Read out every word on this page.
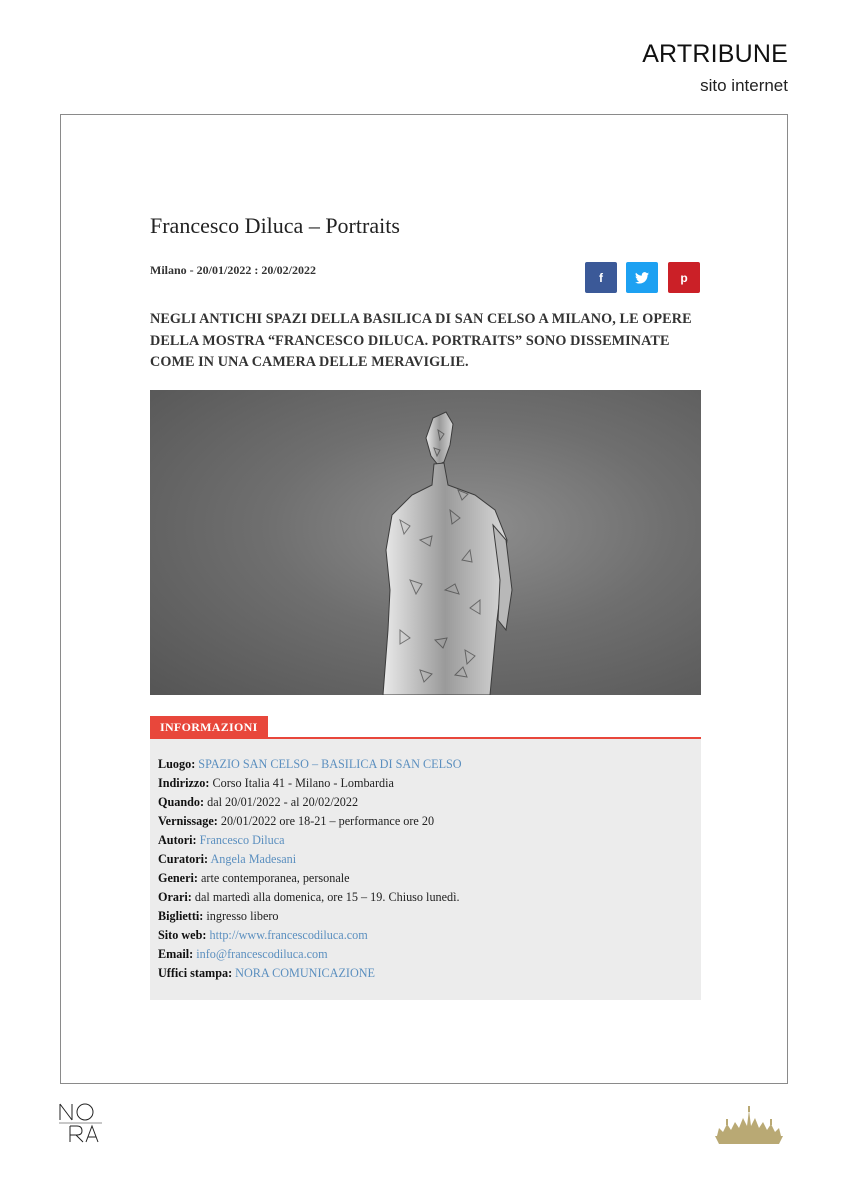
ARTRIBUNE
sito internet
Francesco Diluca – Portraits
Milano - 20/01/2022 : 20/02/2022
f	p
NEGLI ANTICHI SPAZI DELLA BASILICA DI SAN CELSO A MILANO, LE OPERE DELLA MOSTRA “FRANCESCO DILUCA. PORTRAITS” SONO DISSEMINATE COME IN UNA CAMERA DELLE MERAVIGLIE.
INFORMAZIONI
Luogo: SPAZIO SAN CELSO – BASILICA DI SAN CELSO
Indirizzo: Corso Italia 41 - Milano - Lombardia
Quando: dal 20/01/2022 - al 20/02/2022
Vernissage: 20/01/2022 ore 18-21 – performance ore 20
Autori: Francesco Diluca
Curatori: Angela Madesani
Generi: arte contemporanea, personale
Orari: dal martedì alla domenica, ore 15 – 19. Chiuso lunedì.
Biglietti: ingresso libero
Sito web: http://www.francescodiluca.com
Email: info@francescodiluca.com
Uffici stampa: NORA COMUNICAZIONE
